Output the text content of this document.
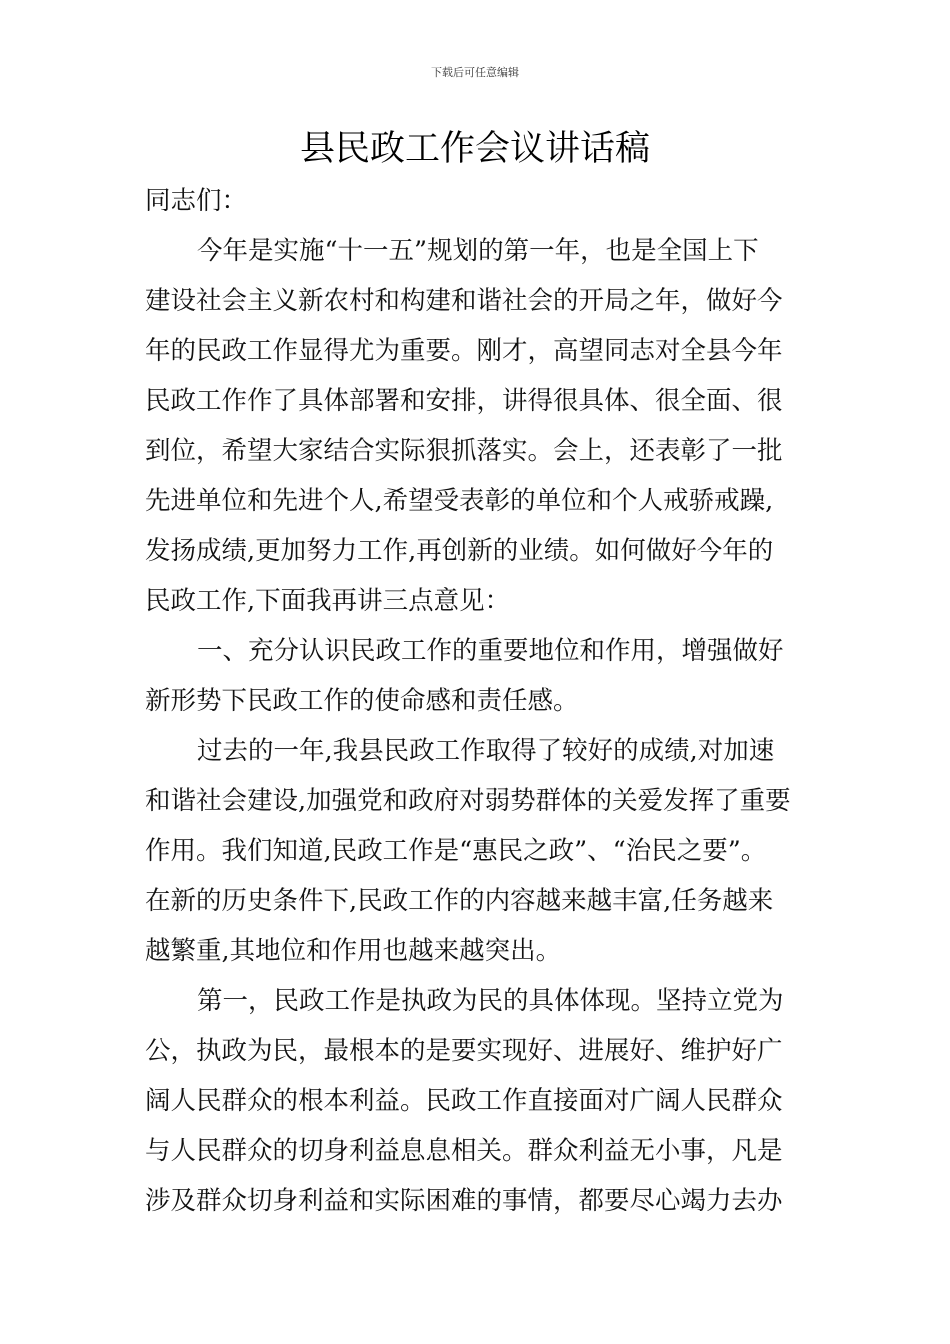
下载后可任意编辑
县民政工作会议讲话稿
同志们：
今年是实施“十一五”规划的第一年，也是全国上下
建设社会主义新农村和构建和谐社会的开局之年，做好今
年的民政工作显得尤为重要。刚才，高望同志对全县今年
民政工作作了具体部署和安排，讲得很具体、很全面、很
到位，希望大家结合实际狠抓落实。会上，还表彰了一批
先进单位和先进个人,希望受表彰的单位和个人戒骄戒躁,
发扬成绩,更加努力工作,再创新的业绩。如何做好今年的
民政工作,下面我再讲三点意见：
一、充分认识民政工作的重要地位和作用，增强做好
新形势下民政工作的使命感和责任感。
过去的一年,我县民政工作取得了较好的成绩,对加速
和谐社会建设,加强党和政府对弱势群体的关爱发挥了重要
作用。我们知道,民政工作是“惠民之政”、“治民之要”。
在新的历史条件下,民政工作的内容越来越丰富,任务越来
越繁重,其地位和作用也越来越突出。
第一，民政工作是执政为民的具体体现。坚持立党为
公，执政为民，最根本的是要实现好、进展好、维护好广
阔人民群众的根本利益。民政工作直接面对广阔人民群众
与人民群众的切身利益息息相关。群众利益无小事，凡是
涉及群众切身利益和实际困难的事情，都要尽心竭力去办
